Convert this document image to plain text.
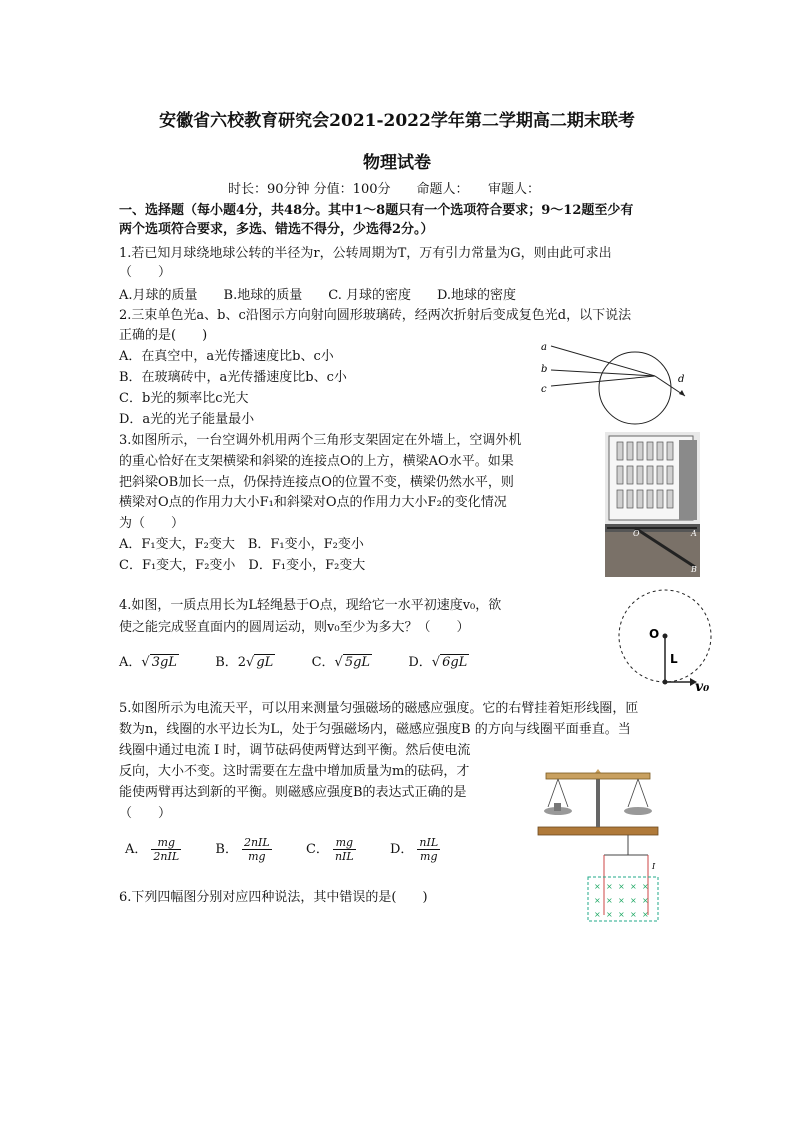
安徽省六校教育研究会2021-2022学年第二学期高二期末联考
物理试卷
时长：90分钟 分值：100分　　命题人：　　审题人：
一、选择题（每小题4分，共48分。其中1～8题只有一个选项符合要求；9～12题至少有
两个选项符合要求，多选、错选不得分，少选得2分。）
1.若已知月球绕地球公转的半径为r，公转周期为T，万有引力常量为G，则由此可求出
（　　）
A.月球的质量　　B.地球的质量　　C. 月球的密度　　D.地球的密度
2.三束单色光a、b、c沿图示方向射向圆形玻璃砖，经两次折射后变成复色光d，以下说法
正确的是(　　)
A．在真空中，a光传播速度比b、c小
B．在玻璃砖中，a光传播速度比b、c小
C．b光的频率比c光大
D．a光的光子能量最小
a
b
c
d
3.如图所示，一台空调外机用两个三角形支架固定在外墙上，空调外机
的重心恰好在支架横梁和斜梁的连接点O的上方，横梁AO水平。如果
把斜梁OB加长一点，仍保持连接点O的位置不变，横梁仍然水平，则
横梁对O点的作用力大小F₁和斜梁对O点的作用力大小F₂的变化情况
为（　　）
A．F₁变大，F₂变大　B．F₁变小，F₂变小
C．F₁变大，F₂变小　D．F₁变小，F₂变大
O	A
B
4.如图，一质点用长为L轻绳悬于O点，现给它一水平初速度v₀，欲
使之能完成竖直面内的圆周运动，则v₀至少为多大？（　　）
A．√ 3gL	B．2√ gL	C．√ 5gL	D．√ 6gL
O
L
v₀
5.如图所示为电流天平，可以用来测量匀强磁场的磁感应强度。它的右臂挂着矩形线圈，匝
数为n，线圈的水平边长为L，处于匀强磁场内，磁感应强度B 的方向与线圈平面垂直。当
线圈中通过电流 I 时，调节砝码使两臂达到平衡。然后使电流
反向，大小不变。这时需要在左盘中增加质量为m的砝码，才
能使两臂再达到新的平衡。则磁感应强度B的表达式正确的是
（　　）
A． $\frac{mg}{\text{2nIL}}$	B． $\frac{\text{2nIL}}{mg}$	C． $\frac{mg}{\text{nIL}}$	D． $\frac{\text{nIL}}{mg}$
× × × × ×
× × × × ×
× × × × ×
I
6.下列四幅图分别对应四种说法，其中错误的是(　　)
